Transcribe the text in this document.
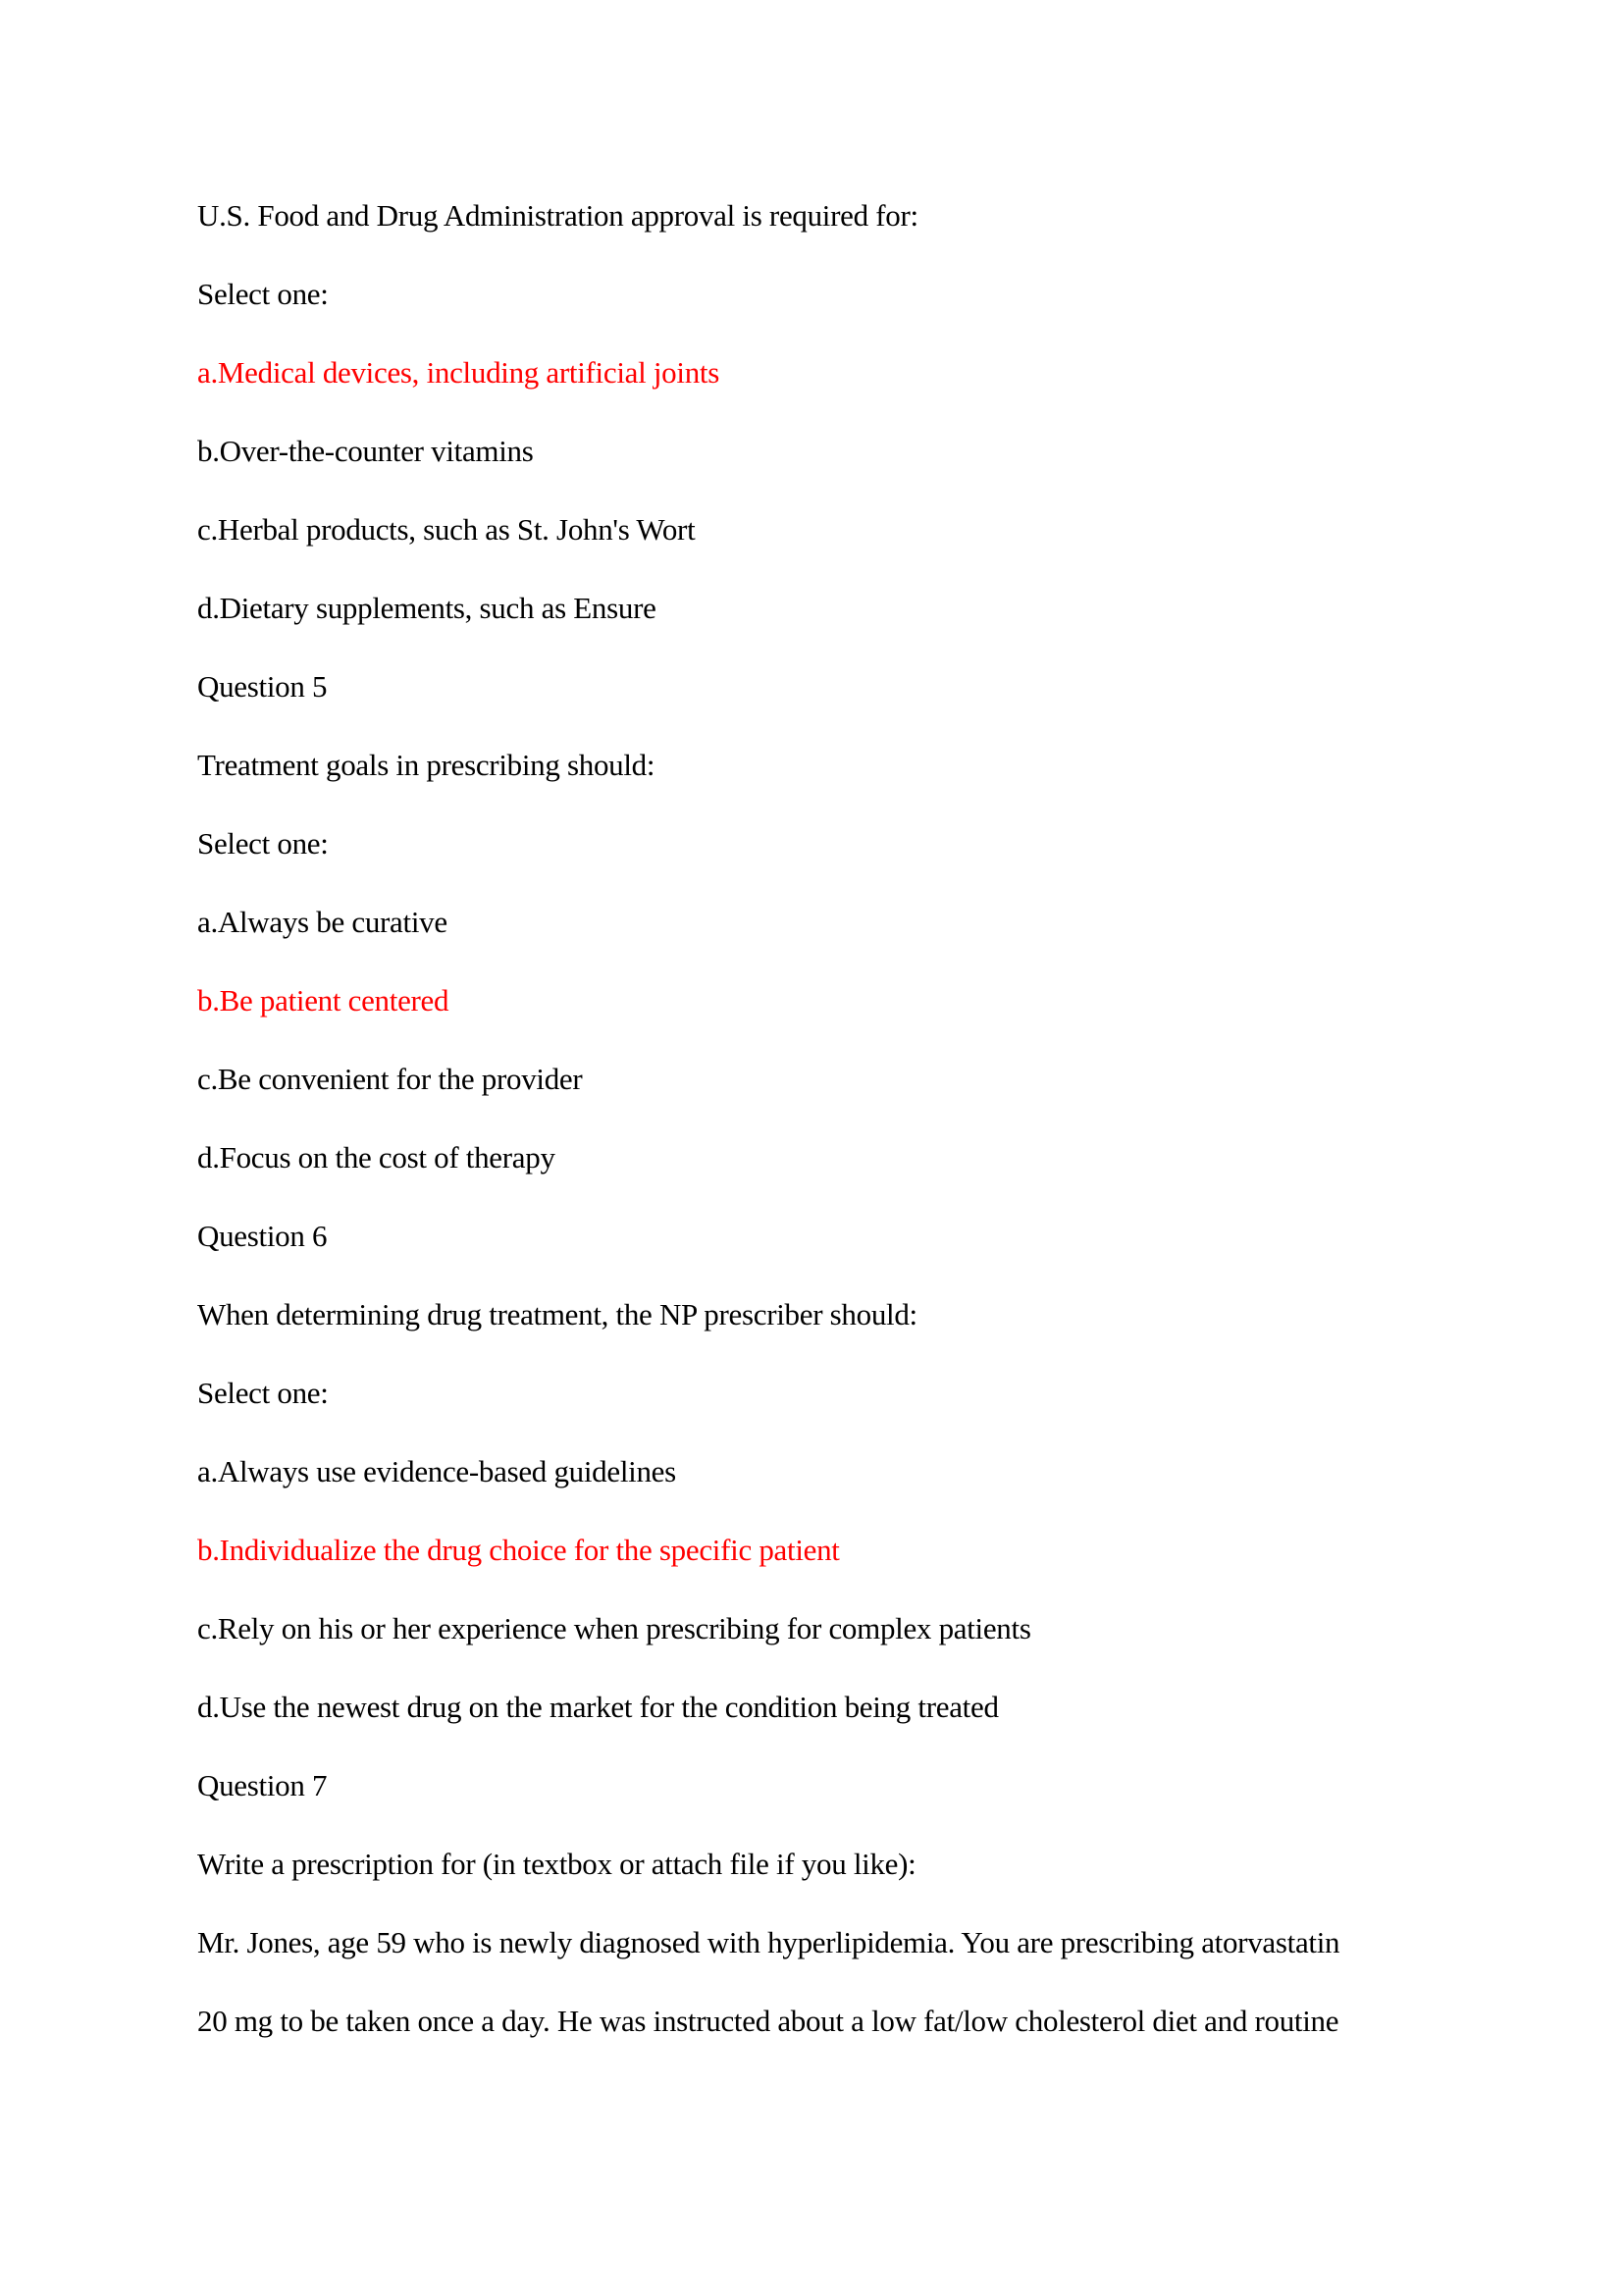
U.S. Food and Drug Administration approval is required for:
Select one:
a.Medical devices, including artificial joints
b.Over-the-counter vitamins
c.Herbal products, such as St. John's Wort
d.Dietary supplements, such as Ensure
Question 5
Treatment goals in prescribing should:
Select one:
a.Always be curative
b.Be patient centered
c.Be convenient for the provider
d.Focus on the cost of therapy
Question 6
When determining drug treatment, the NP prescriber should:
Select one:
a.Always use evidence-based guidelines
b.Individualize the drug choice for the specific patient
c.Rely on his or her experience when prescribing for complex patients
d.Use the newest drug on the market for the condition being treated
Question 7
Write a prescription for (in textbox or attach file if you like):
Mr. Jones, age 59 who is newly diagnosed with hyperlipidemia. You are prescribing atorvastatin
20 mg to be taken once a day. He was instructed about a low fat/low cholesterol diet and routine
